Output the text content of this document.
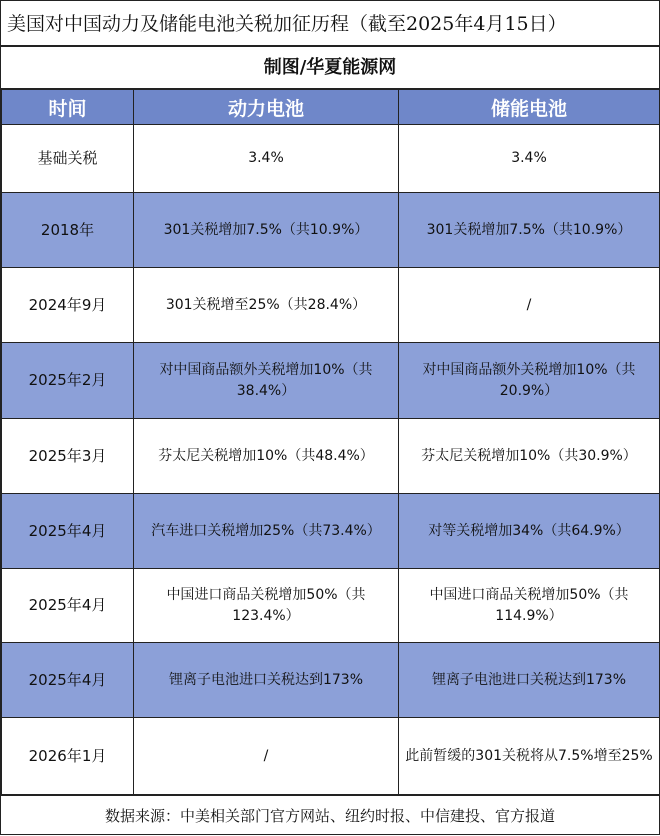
美国对中国动力及储能电池关税加征历程（截至2025年4月15日）
制图/华夏能源网
时间	动力电池	储能电池
基础关税	3.4%	3.4%
2018年	301关税增加7.5%（共10.9%）	301关税增加7.5%（共10.9%）
2024年9月	301关税增至25%（共28.4%）	/
2025年2月	对中国商品额外关税增加10%（共38.4%）	对中国商品额外关税增加10%（共20.9%）
2025年3月	芬太尼关税增加10%（共48.4%）	芬太尼关税增加10%（共30.9%）
2025年4月	汽车进口关税增加25%（共73.4%）	对等关税增加34%（共64.9%）
2025年4月	中国进口商品关税增加50%（共123.4%）	中国进口商品关税增加50%（共114.9%）
2025年4月	锂离子电池进口关税达到173%	锂离子电池进口关税达到173%
2026年1月	/	此前暂缓的301关税将从7.5%增至25%
数据来源：中美相关部门官方网站、纽约时报、中信建投、官方报道
